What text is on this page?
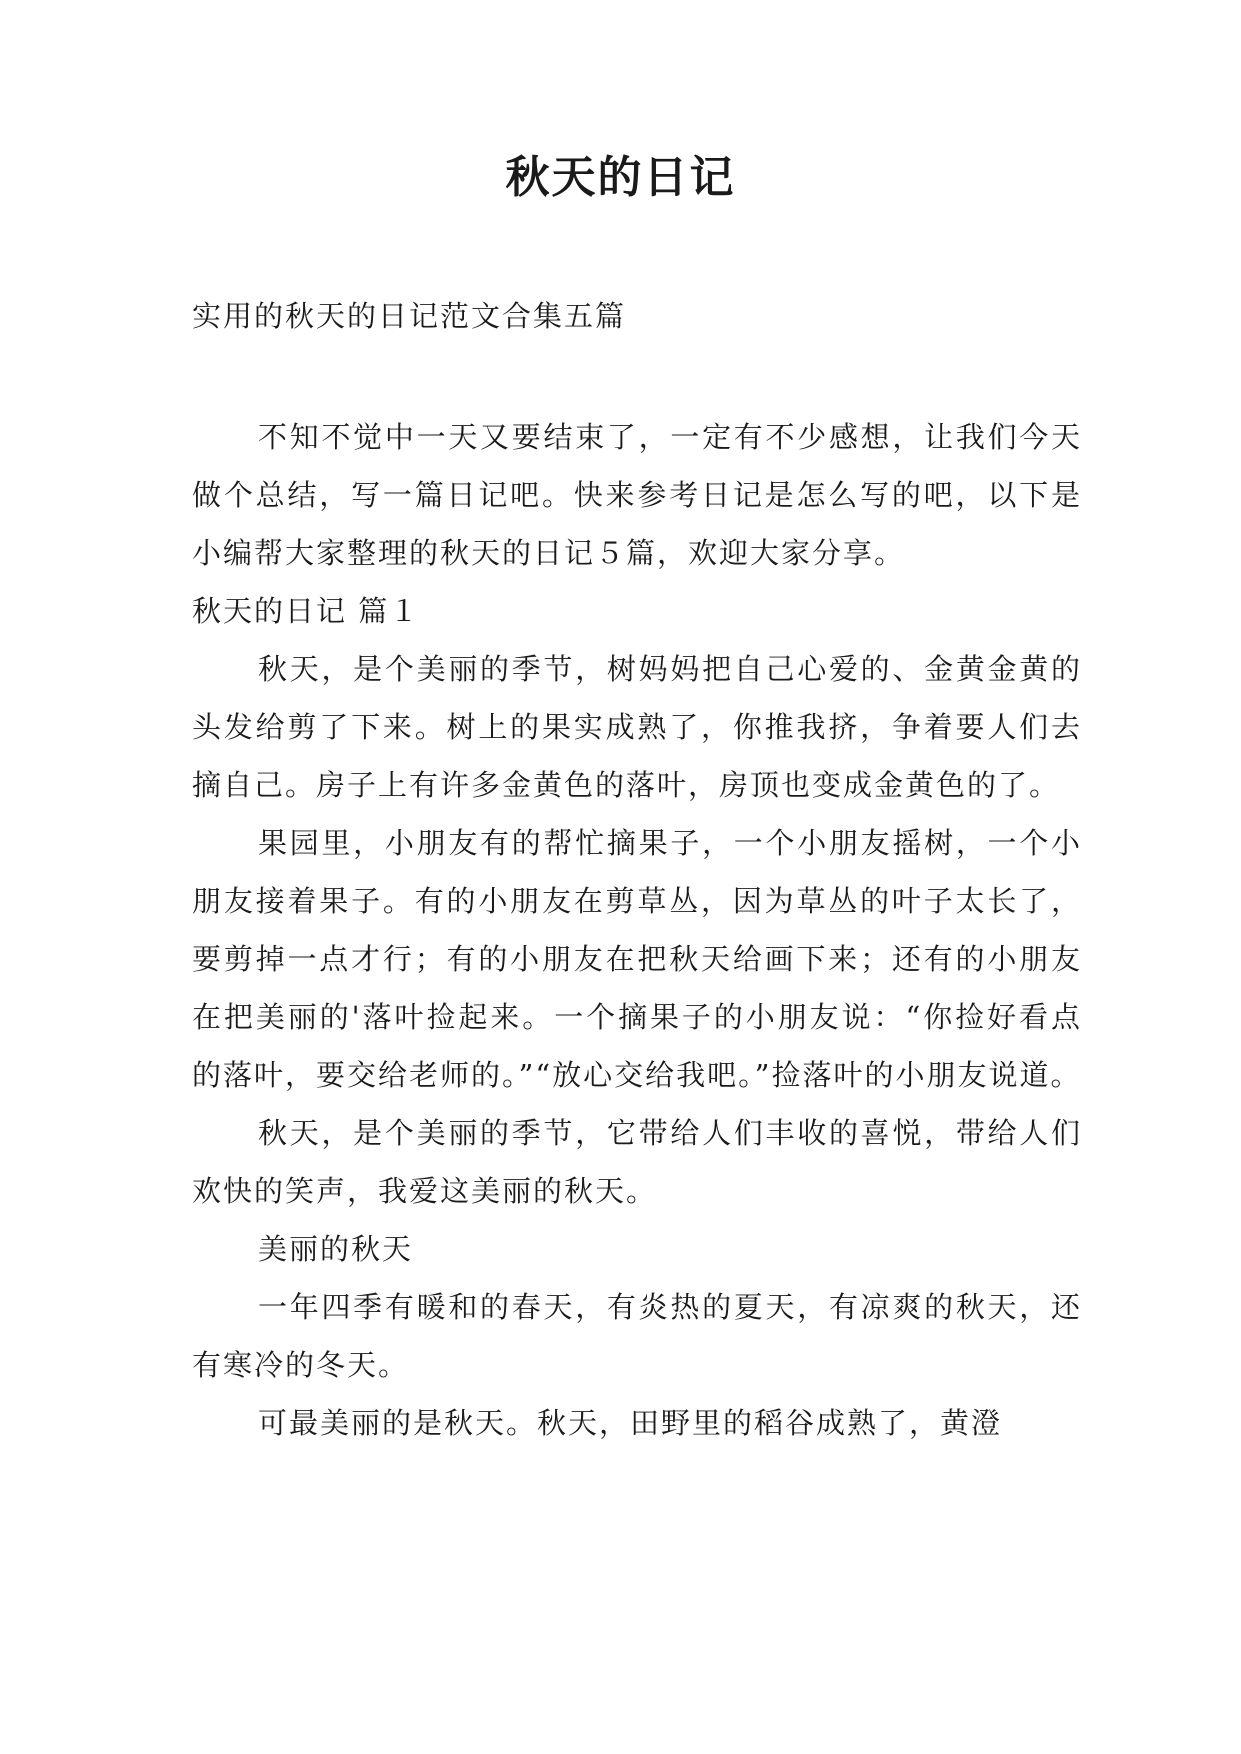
秋天的日记
实用的秋天的日记范文合集五篇

不知不觉中一天又要结束了，一定有不少感想，让我们今天做个总结，写一篇日记吧。快来参考日记是怎么写的吧，以下是小编帮大家整理的秋天的日记５篇，欢迎大家分享。

秋天的日记 篇１

秋天，是个美丽的季节，树妈妈把自己心爱的、金黄金黄的头发给剪了下来。树上的果实成熟了，你推我挤，争着要人们去摘自己。房子上有许多金黄色的落叶，房顶也变成金黄色的了。

果园里，小朋友有的帮忙摘果子，一个小朋友摇树，一个小朋友接着果子。有的小朋友在剪草丛，因为草丛的叶子太长了，要剪掉一点才行；有的小朋友在把秋天给画下来；还有的小朋友在把美丽的'落叶捡起来。一个摘果子的小朋友说：“你捡好看点的落叶，要交给老师的。”“放心交给我吧。”捡落叶的小朋友说道。

秋天，是个美丽的季节，它带给人们丰收的喜悦，带给人们欢快的笑声，我爱这美丽的秋天。

美丽的秋天

一年四季有暖和的春天，有炎热的夏天，有凉爽的秋天，还有寒冷的冬天。

可最美丽的是秋天。秋天，田野里的稻谷成熟了，黄澄
